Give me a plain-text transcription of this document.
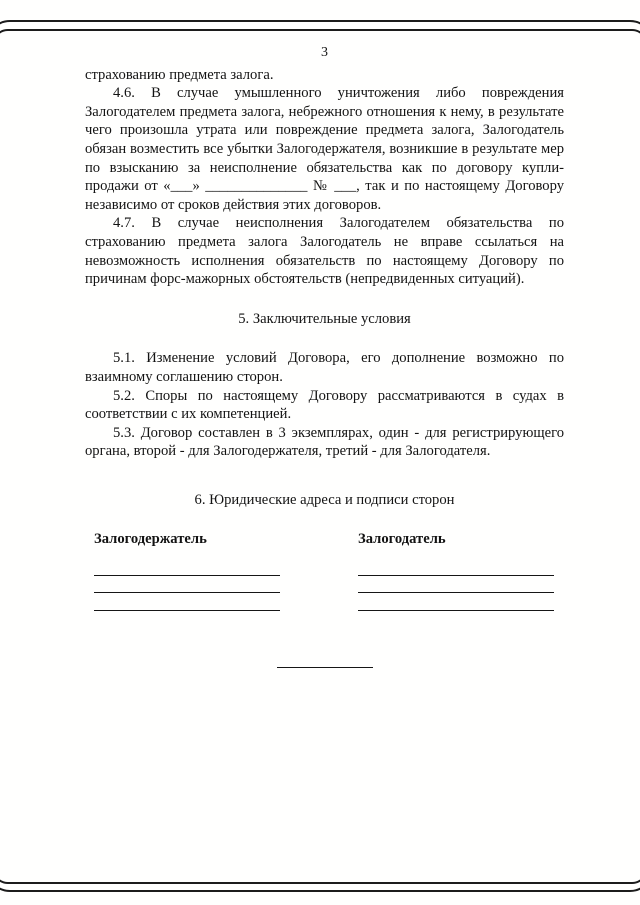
3

страхованию предмета залога.

4.6. В случае умышленного уничтожения либо повреждения Залогодателем предмета залога, небрежного отношения к нему, в результате чего произошла утрата или повреждение предмета залога, Залогодатель обязан возместить все убытки Залогодержателя, возникшие в результате мер по взысканию за неисполнение обязательства как по договору купли-продажи от «___» ______________ № ___, так и по настоящему Договору независимо от сроков действия этих договоров.

4.7. В случае неисполнения Залогодателем обязательства по страхованию предмета залога Залогодатель не вправе ссылаться на невозможность исполнения обязательств по настоящему Договору по причинам форс-мажорных обстоятельств (непредвиденных ситуаций).

5. Заключительные условия

5.1. Изменение условий Договора, его дополнение возможно по взаимному соглашению сторон.

5.2. Споры по настоящему Договору рассматриваются в судах в соответствии с их компетенцией.

5.3. Договор составлен в 3 экземплярах, один - для регистрирующего органа, второй - для Залогодержателя, третий - для Залогодателя.

6. Юридические адреса и подписи сторон
Залогодержатель	Залогодатель
